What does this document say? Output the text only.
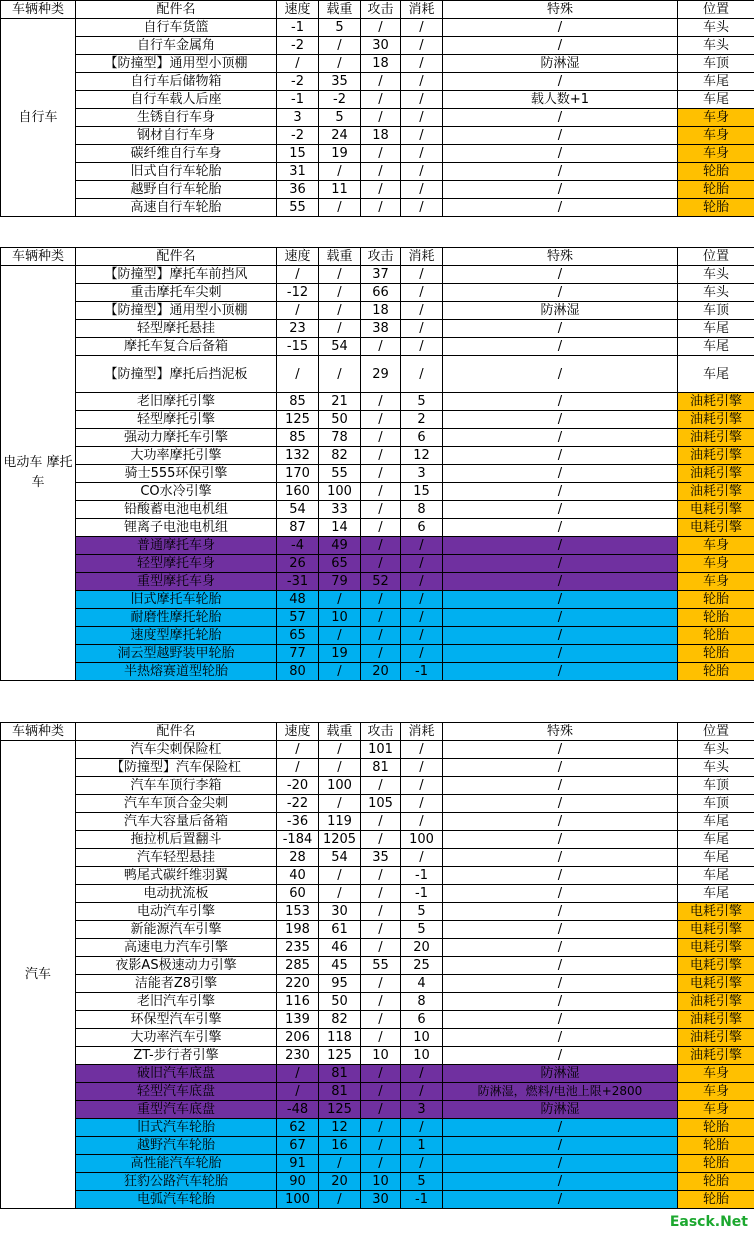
车辆种类	配件名	速度	载重	攻击	消耗	特殊	位置
自行车	自行车货篮	-1	5	/	/	/	车头
	自行车金属角	-2	/	30	/	/	车头
	【防撞型】通用型小顶棚	/	/	18	/	防淋湿	车顶
	自行车后储物箱	-2	35	/	/	/	车尾
	自行车载人后座	-1	-2	/	/	载人数+1	车尾
	生锈自行车身	3	5	/	/	/	车身
	钢材自行车身	-2	24	18	/	/	车身
	碳纤维自行车身	15	19	/	/	/	车身
	旧式自行车轮胎	31	/	/	/	/	轮胎
	越野自行车轮胎	36	11	/	/	/	轮胎
	高速自行车轮胎	55	/	/	/	/	轮胎
车辆种类	配件名	速度	载重	攻击	消耗	特殊	位置
电动车 摩托车	【防撞型】摩托车前挡风	/	/	37	/	/	车头
	重击摩托车尖刺	-12	/	66	/	/	车头
	【防撞型】通用型小顶棚	/	/	18	/	防淋湿	车顶
	轻型摩托悬挂	23	/	38	/	/	车尾
	摩托车复合后备箱	-15	54	/	/	/	车尾
	【防撞型】摩托后挡泥板	/	/	29	/	/	车尾
	老旧摩托引擎	85	21	/	5	/	油耗引擎
	轻型摩托引擎	125	50	/	2	/	油耗引擎
	强动力摩托车引擎	85	78	/	6	/	油耗引擎
	大功率摩托引擎	132	82	/	12	/	油耗引擎
	骑士555环保引擎	170	55	/	3	/	油耗引擎
	CO水冷引擎	160	100	/	15	/	油耗引擎
	铅酸蓄电池电机组	54	33	/	8	/	电耗引擎
	锂离子电池电机组	87	14	/	6	/	电耗引擎
	普通摩托车身	-4	49	/	/	/	车身
	轻型摩托车身	26	65	/	/	/	车身
	重型摩托车身	-31	79	52	/	/	车身
	旧式摩托车轮胎	48	/	/	/	/	轮胎
	耐磨性摩托轮胎	57	10	/	/	/	轮胎
	速度型摩托轮胎	65	/	/	/	/	轮胎
	洞云型越野装甲轮胎	77	19	/	/	/	轮胎
	半热熔赛道型轮胎	80	/	20	-1	/	轮胎
车辆种类	配件名	速度	载重	攻击	消耗	特殊	位置
汽车	汽车尖刺保险杠	/	/	101	/	/	车头
	【防撞型】汽车保险杠	/	/	81	/	/	车头
	汽车车顶行李箱	-20	100	/	/	/	车顶
	汽车车顶合金尖刺	-22	/	105	/	/	车顶
	汽车大容量后备箱	-36	119	/	/	/	车尾
	拖拉机后置翻斗	-184	1205	/	100	/	车尾
	汽车轻型悬挂	28	54	35	/	/	车尾
	鸭尾式碳纤维羽翼	40	/	/	-1	/	车尾
	电动扰流板	60	/	/	-1	/	车尾
	电动汽车引擎	153	30	/	5	/	电耗引擎
	新能源汽车引擎	198	61	/	5	/	电耗引擎
	高速电力汽车引擎	235	46	/	20	/	电耗引擎
	夜影AS极速动力引擎	285	45	55	25	/	电耗引擎
	洁能者Z8引擎	220	95	/	4	/	电耗引擎
	老旧汽车引擎	116	50	/	8	/	油耗引擎
	环保型汽车引擎	139	82	/	6	/	油耗引擎
	大功率汽车引擎	206	118	/	10	/	油耗引擎
	ZT-步行者引擎	230	125	10	10	/	油耗引擎
	破旧汽车底盘	/	81	/	/	防淋湿	车身
	轻型汽车底盘	/	81	/	/	防淋湿，燃料/电池上限+2800	车身
	重型汽车底盘	-48	125	/	3	防淋湿	车身
	旧式汽车轮胎	62	12	/	/	/	轮胎
	越野汽车轮胎	67	16	/	1	/	轮胎
	高性能汽车轮胎	91	/	/	/	/	轮胎
	狂豹公路汽车轮胎	90	20	10	5	/	轮胎
	电弧汽车轮胎	100	/	30	-1	/	轮胎
Easck.Net
